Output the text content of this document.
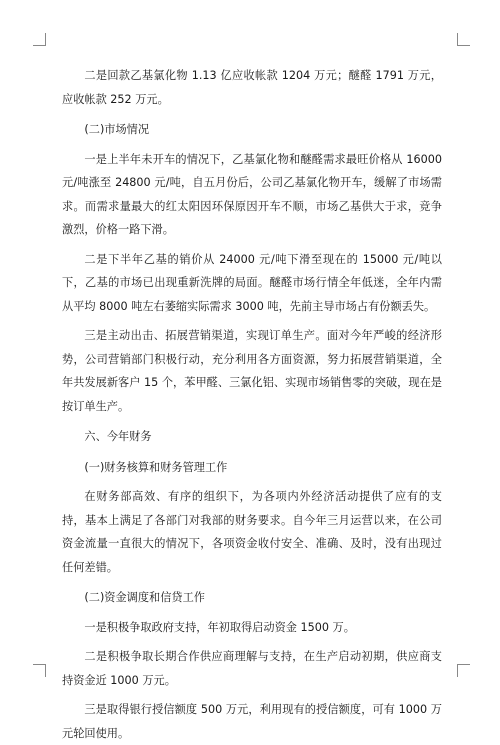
二是回款乙基氯化物 1.13 亿应收帐款 1204 万元；醚醛 1791 万元，应收帐款 252 万元。

(二)市场情况

一是上半年未开车的情况下，乙基氯化物和醚醛需求最旺价格从 16000 元/吨涨至 24800 元/吨，自五月份后，公司乙基氯化物开车，缓解了市场需求。而需求量最大的红太阳因环保原因开车不顺，市场乙基供大于求，竞争激烈，价格一路下滑。

二是下半年乙基的销价从 24000 元/吨下滑至现在的 15000 元/吨以下，乙基的市场已出现重新洗牌的局面。醚醛市场行情全年低迷，全年内需从平均 8000 吨左右萎缩实际需求 3000 吨，先前主导市场占有份额丢失。

三是主动出击、拓展营销渠道，实现订单生产。面对今年严峻的经济形势，公司营销部门积极行动，充分利用各方面资源，努力拓展营销渠道，全年共发展新客户 15 个，苯甲醛、三氯化铝、实现市场销售零的突破，现在是按订单生产。

六、今年财务

(一)财务核算和财务管理工作

在财务部高效、有序的组织下，为各项内外经济活动提供了应有的支持，基本上满足了各部门对我部的财务要求。自今年三月运营以来，在公司资金流量一直很大的情况下，各项资金收付安全、准确、及时，没有出现过任何差错。

(二)资金调度和信贷工作

一是积极争取政府支持，年初取得启动资金 1500 万。

二是积极争取长期合作供应商理解与支持，在生产启动初期，供应商支持资金近 1000 万元。

三是取得银行授信额度 500 万元，利用现有的授信额度，可有 1000 万元轮回使用。
